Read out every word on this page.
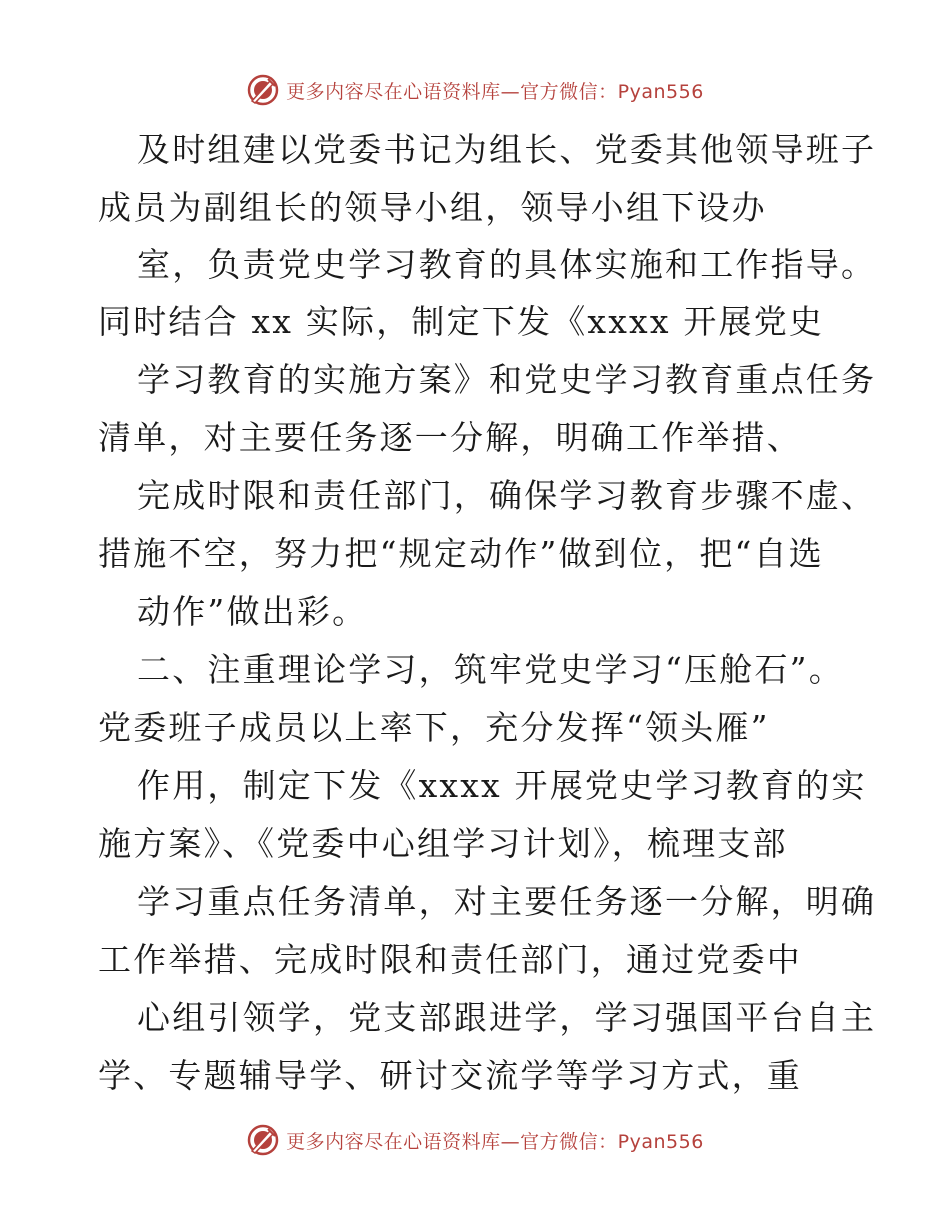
更多内容尽在心语资料库—官方微信：Pyan556
及时组建以党委书记为组长、党委其他领导班子
成员为副组长的领导小组，领导小组下设办
室，负责党史学习教育的具体实施和工作指导。
同时结合 xx 实际，制定下发《xxxx 开展党史
学习教育的实施方案》和党史学习教育重点任务
清单，对主要任务逐一分解，明确工作举措、
完成时限和责任部门，确保学习教育步骤不虚、
措施不空，努力把“规定动作”做到位，把“自选
动作”做出彩。
二、注重理论学习，筑牢党史学习“压舱石”。
党委班子成员以上率下，充分发挥“领头雁”
作用，制定下发《xxxx 开展党史学习教育的实
施方案》、《党委中心组学习计划》，梳理支部
学习重点任务清单，对主要任务逐一分解，明确
工作举措、完成时限和责任部门，通过党委中
心组引领学，党支部跟进学，学习强国平台自主
学、专题辅导学、研讨交流学等学习方式，重
更多内容尽在心语资料库—官方微信：Pyan556
